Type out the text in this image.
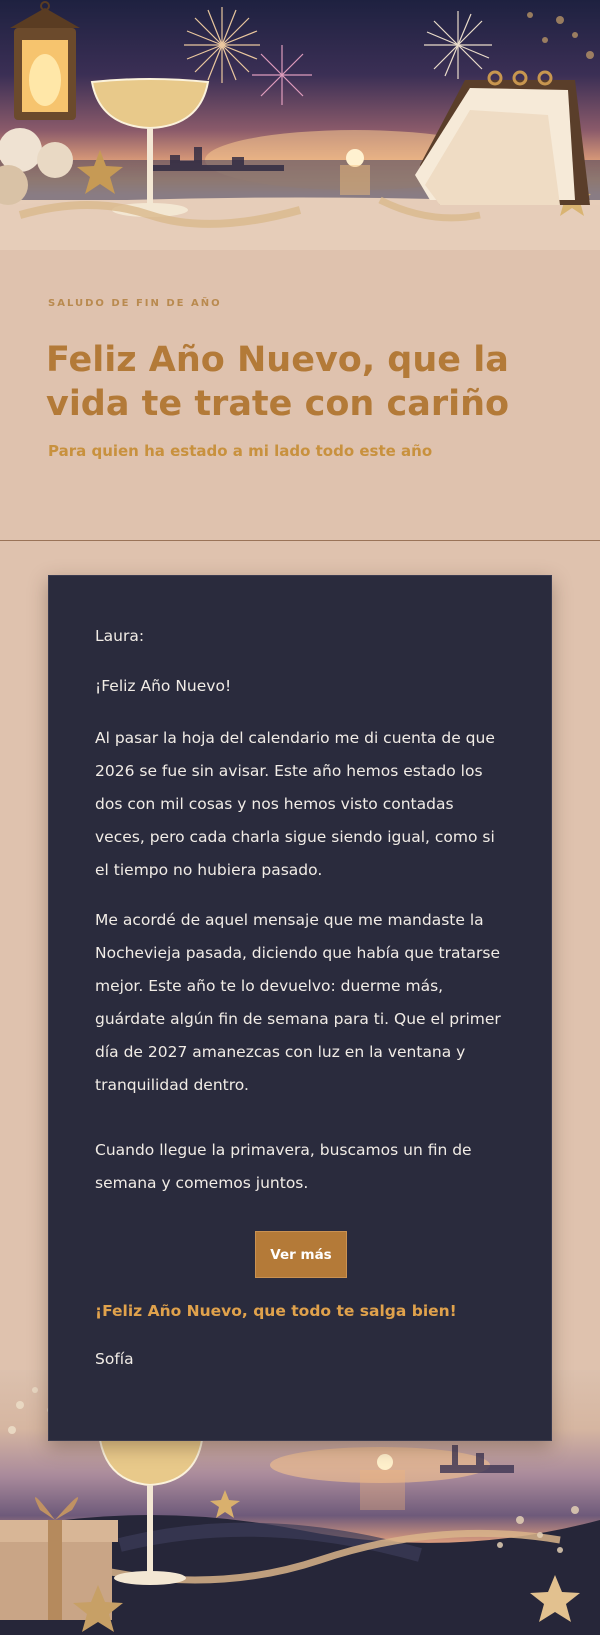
SALUDO DE FIN DE AÑO
Feliz Año Nuevo, que la vida te trate con cariño
Para quien ha estado a mi lado todo este año

Laura:

¡Feliz Año Nuevo!

Al pasar la hoja del calendario me di cuenta de que 2026 se fue sin avisar. Este año hemos estado los dos con mil cosas y nos hemos visto contadas veces, pero cada charla sigue siendo igual, como si el tiempo no hubiera pasado.

Me acordé de aquel mensaje que me mandaste la Nochevieja pasada, diciendo que había que tratarse mejor. Este año te lo devuelvo: duerme más, guárdate algún fin de semana para ti. Que el primer día de 2027 amanezcas con luz en la ventana y tranquilidad dentro.

Cuando llegue la primavera, buscamos un fin de semana y comemos juntos.

Ver más
¡Feliz Año Nuevo, que todo te salga bien!
Sofía
